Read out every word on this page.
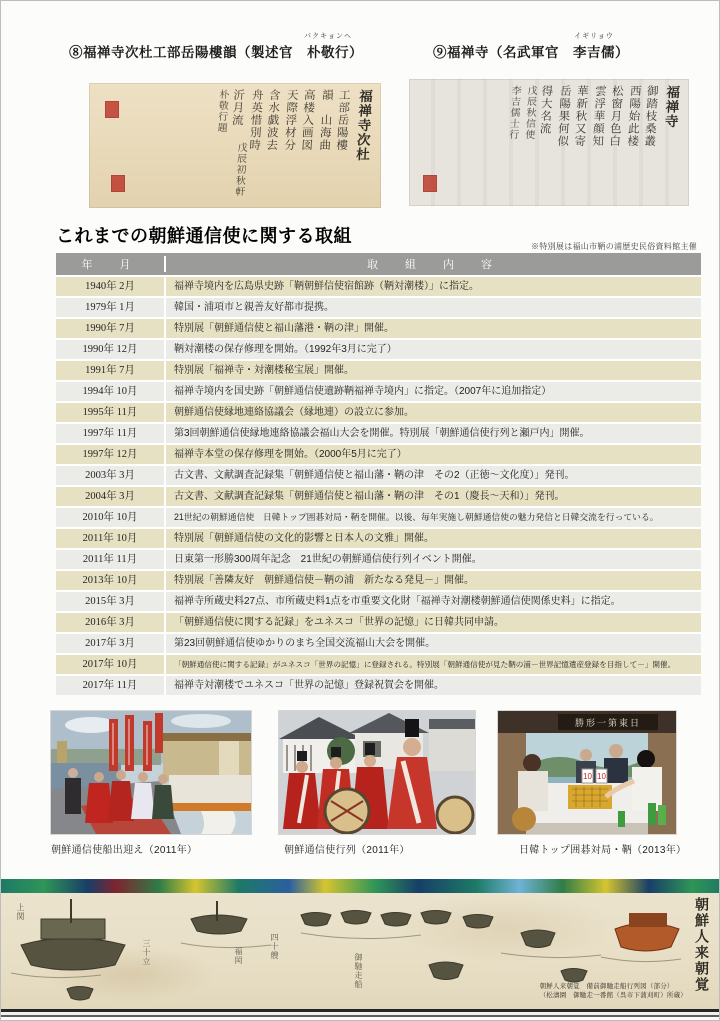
⑧福禅寺次杜工部岳陽樓韻（製述官　
パクキョンヘ
朴敬行）	⑨福禅寺（名武軍官　
イギリョウ
李吉儒）
福禅寺次杜 工部岳陽樓 韻　山海曲 高楼入画図 天際浮材分 含水戯波去 舟英惜別時 沂月流 戊辰初秋軒 朴敬行題	福禅寺 御踏枝桑叢 西陽始此楼 松窗月色白 雲浮華顔知 華新秋又寄 岳陽果何似 得大名流 戊辰秋信使 李吉儒士行
これまでの朝鮮通信使に関する取組
※特別展は福山市鞆の浦歴史民俗資料館主催
年　月	取　組　内　容
1940年 2月	福禅寺境内を広島県史跡「鞆朝鮮信使宿館跡（鞆対潮楼）」に指定。
1979年 1月	韓国・浦項市と親善友好都市提携。
1990年 7月	特別展「朝鮮通信使と福山藩港・鞆の津」開催。
1990年 12月	鞆対潮楼の保存修理を開始。（1992年3月に完了）
1991年 7月	特別展「福禅寺・対潮楼秘宝展」開催。
1994年 10月	福禅寺境内を国史跡「朝鮮通信使遺跡鞆福禅寺境内」に指定。（2007年に追加指定）
1995年 11月	朝鮮通信使縁地連絡協議会（縁地連）の設立に参加。
1997年 11月	第3回朝鮮通信使縁地連絡協議会福山大会を開催。特別展「朝鮮通信使行列と瀬戸内」開催。
1997年 12月	福禅寺本堂の保存修理を開始。（2000年5月に完了）
2003年 3月	古文書、文献調査記録集「朝鮮通信使と福山藩・鞆の津　その2（正徳～文化度）」発刊。
2004年 3月	古文書、文献調査記録集「朝鮮通信使と福山藩・鞆の津　その1（慶長～天和）」発刊。
2010年 10月	21世紀の朝鮮通信使　日韓トップ囲碁対局・鞆を開催。以後、毎年実施し朝鮮通信使の魅力発信と日韓交流を行っている。
2011年 10月	特別展「朝鮮通信使の文化的影響と日本人の文雅」開催。
2011年 11月	日東第一形勝300周年記念　21世紀の朝鮮通信使行列イベント開催。
2013年 10月	特別展「善隣友好　朝鮮通信使－鞆の浦　新たなる発見－」開催。
2015年 3月	福禅寺所蔵史料27点、市所蔵史料1点を市重要文化財「福禅寺対潮楼朝鮮通信使関係史料」に指定。
2016年 3月	「朝鮮通信使に関する記録」をユネスコ「世界の記憶」に日韓共同申請。
2017年 3月	第23回朝鮮通信使ゆかりのまち全国交流福山大会を開催。
2017年 10月	「朝鮮通信使に関する記録」がユネスコ「世界の記憶」に登録される。特別展「朝鮮通信使が見た鞆の浦－世界記憶遺産登録を目指して－」開催。
2017年 11月	福禅寺対潮楼でユネスコ「世界の記憶」登録祝賀会を開催。
勝形一第東日
10 10
朝鮮通信使船出迎え（2011年）	朝鮮通信使行列（2011年）	日韓トップ囲碁対局・鞆（2013年）
上関
三十立	福岡	四十艘
御馳走船	朝鮮人来朝覚
朝鮮人来朝覚　備前御馳走船行列図（部分）
（松濤園　御馳走一番館（呉市下蒲刈町）所蔵）
